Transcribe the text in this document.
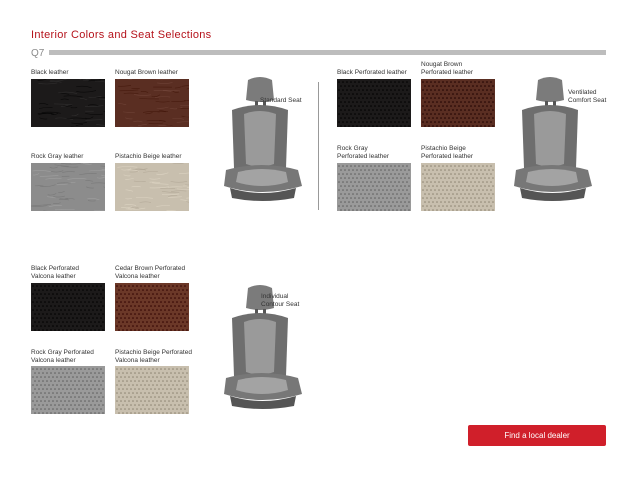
Interior Colors and Seat Selections
Q7
Black leather	Nougat Brown leather
Rock Gray leather	Pistachio Beige leather
Standard Seat
Black Perforated leather
Nougat Brown Perforated leather
Rock Gray Perforated leather
Pistachio Beige Perforated leather
Ventilated Comfort Seat
Black Perforated Valcona leather
Cedar Brown Perforated Valcona leather
Rock Gray Perforated Valcona leather
Pistachio Beige Perforated Valcona leather
Individual Contour Seat
Find a local dealer
